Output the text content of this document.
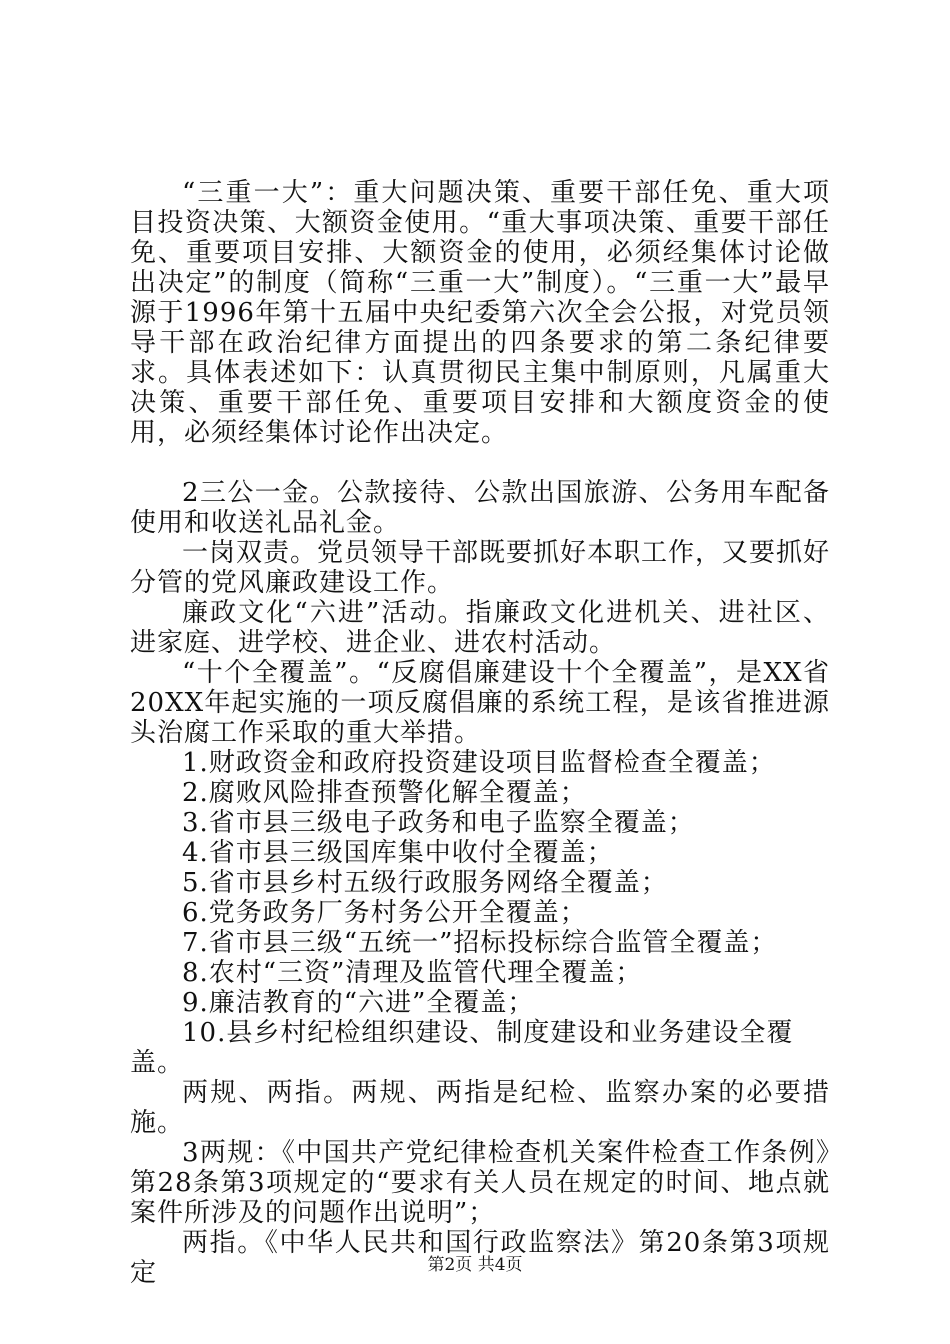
“三重一大”：重大问题决策、重要干部任免、重大项目投资决策、大额资金使用。“重大事项决策、重要干部任免、重要项目安排、大额资金的使用，必须经集体讨论做出决定”的制度（简称“三重一大”制度）。“三重一大”最早源于1996年第十五届中央纪委第六次全会公报，对党员领导干部在政治纪律方面提出的四条要求的第二条纪律要求。具体表述如下：认真贯彻民主集中制原则，凡属重大决策、重要干部任免、重要项目安排和大额度资金的使用，必须经集体讨论作出决定。

2三公一金。公款接待、公款出国旅游、公务用车配备使用和收送礼品礼金。

一岗双责。党员领导干部既要抓好本职工作，又要抓好分管的党风廉政建设工作。

廉政文化“六进”活动。指廉政文化进机关、进社区、进家庭、进学校、进企业、进农村活动。

“十个全覆盖”。“反腐倡廉建设十个全覆盖”，是XX省20XX年起实施的一项反腐倡廉的系统工程，是该省推进源头治腐工作采取的重大举措。

1.财政资金和政府投资建设项目监督检查全覆盖；

2.腐败风险排查预警化解全覆盖；

3.省市县三级电子政务和电子监察全覆盖；

4.省市县三级国库集中收付全覆盖；

5.省市县乡村五级行政服务网络全覆盖；

6.党务政务厂务村务公开全覆盖；

7.省市县三级“五统一”招标投标综合监管全覆盖；

8.农村“三资”清理及监管代理全覆盖；

9.廉洁教育的“六进”全覆盖；

10.县乡村纪检组织建设、制度建设和业务建设全覆盖。

两规、两指。两规、两指是纪检、监察办案的必要措施。

3两规：《中国共产党纪律检查机关案件检查工作条例》第28条第3项规定的“要求有关人员在规定的时间、地点就案件所涉及的问题作出说明”；

两指。《中华人民共和国行政监察法》第20条第3项规定	第2页 共4页
